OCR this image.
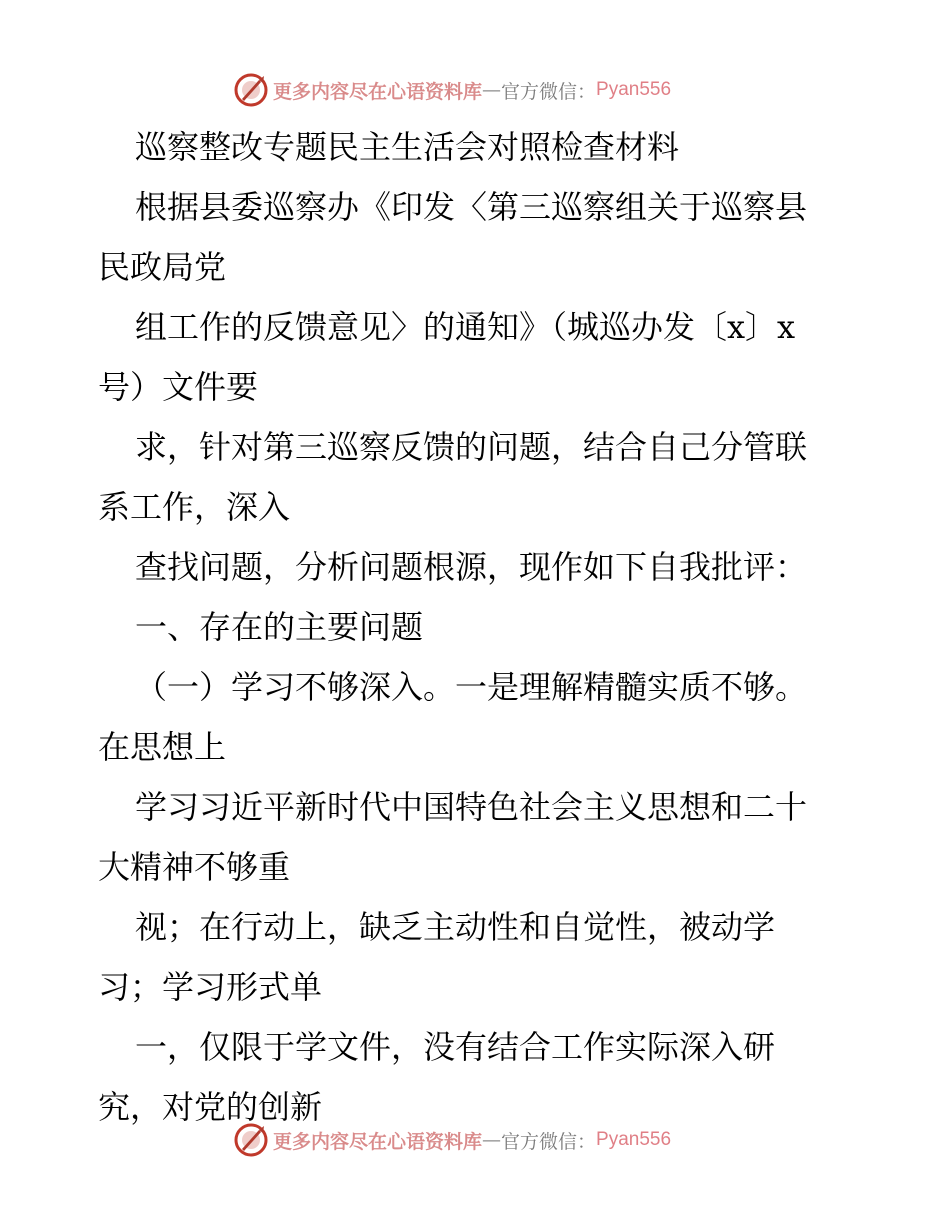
更多内容尽在心语资料库 — 官方微信： Pyan556

巡察整改专题民主生活会对照检查材料

根据县委巡察办《印发〈第三巡察组关于巡察县

民政局党

组工作的反馈意见〉的通知》（城巡办发〔x〕x

号）文件要

求，针对第三巡察反馈的问题，结合自己分管联

系工作，深入

查找问题，分析问题根源，现作如下自我批评：

一、存在的主要问题

（一）学习不够深入。一是理解精髓实质不够。

在思想上

学习习近平新时代中国特色社会主义思想和二十

大精神不够重

视；在行动上，缺乏主动性和自觉性，被动学

习；学习形式单

一，仅限于学文件，没有结合工作实际深入研

究，对党的创新

更多内容尽在心语资料库 — 官方微信： Pyan556
